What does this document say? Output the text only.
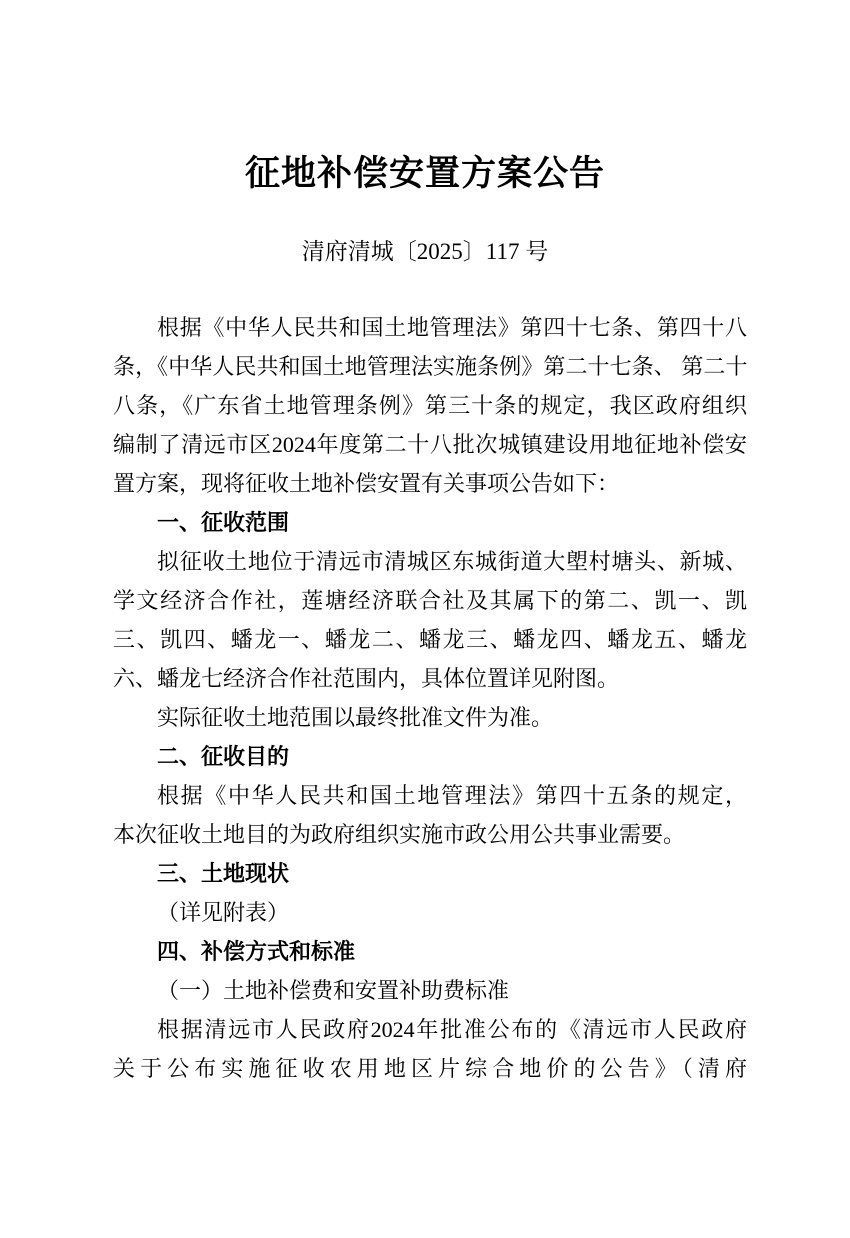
征地补偿安置方案公告
清府清城〔2025〕117 号
根据《中华人民共和国土地管理法》第四十七条、第四十八
条，《中华人民共和国土地管理法实施条例》第二十七条、 第二十
八条，《广东省土地管理条例》第三十条的规定，我区政府组织
编制了清远市区2024年度第二十八批次城镇建设用地征地补偿安
置方案，现将征收土地补偿安置有关事项公告如下：
一、征收范围
拟征收土地位于清远市清城区东城街道大塱村塘头、新城、
学文经济合作社，莲塘经济联合社及其属下的第二、凯一、凯
三、凯四、蟠龙一、蟠龙二、蟠龙三、蟠龙四、蟠龙五、蟠龙
六、蟠龙七经济合作社范围内，具体位置详见附图。
实际征收土地范围以最终批准文件为准。
二、征收目的
根据《中华人民共和国土地管理法》第四十五条的规定，
本次征收土地目的为政府组织实施市政公用公共事业需要。
三、土地现状
（详见附表）
四、补偿方式和标准
（一）土地补偿费和安置补助费标准
根据清远市人民政府2024年批准公布的《清远市人民政府
关于公布实施征收农用地区片综合地价的公告》（清府
